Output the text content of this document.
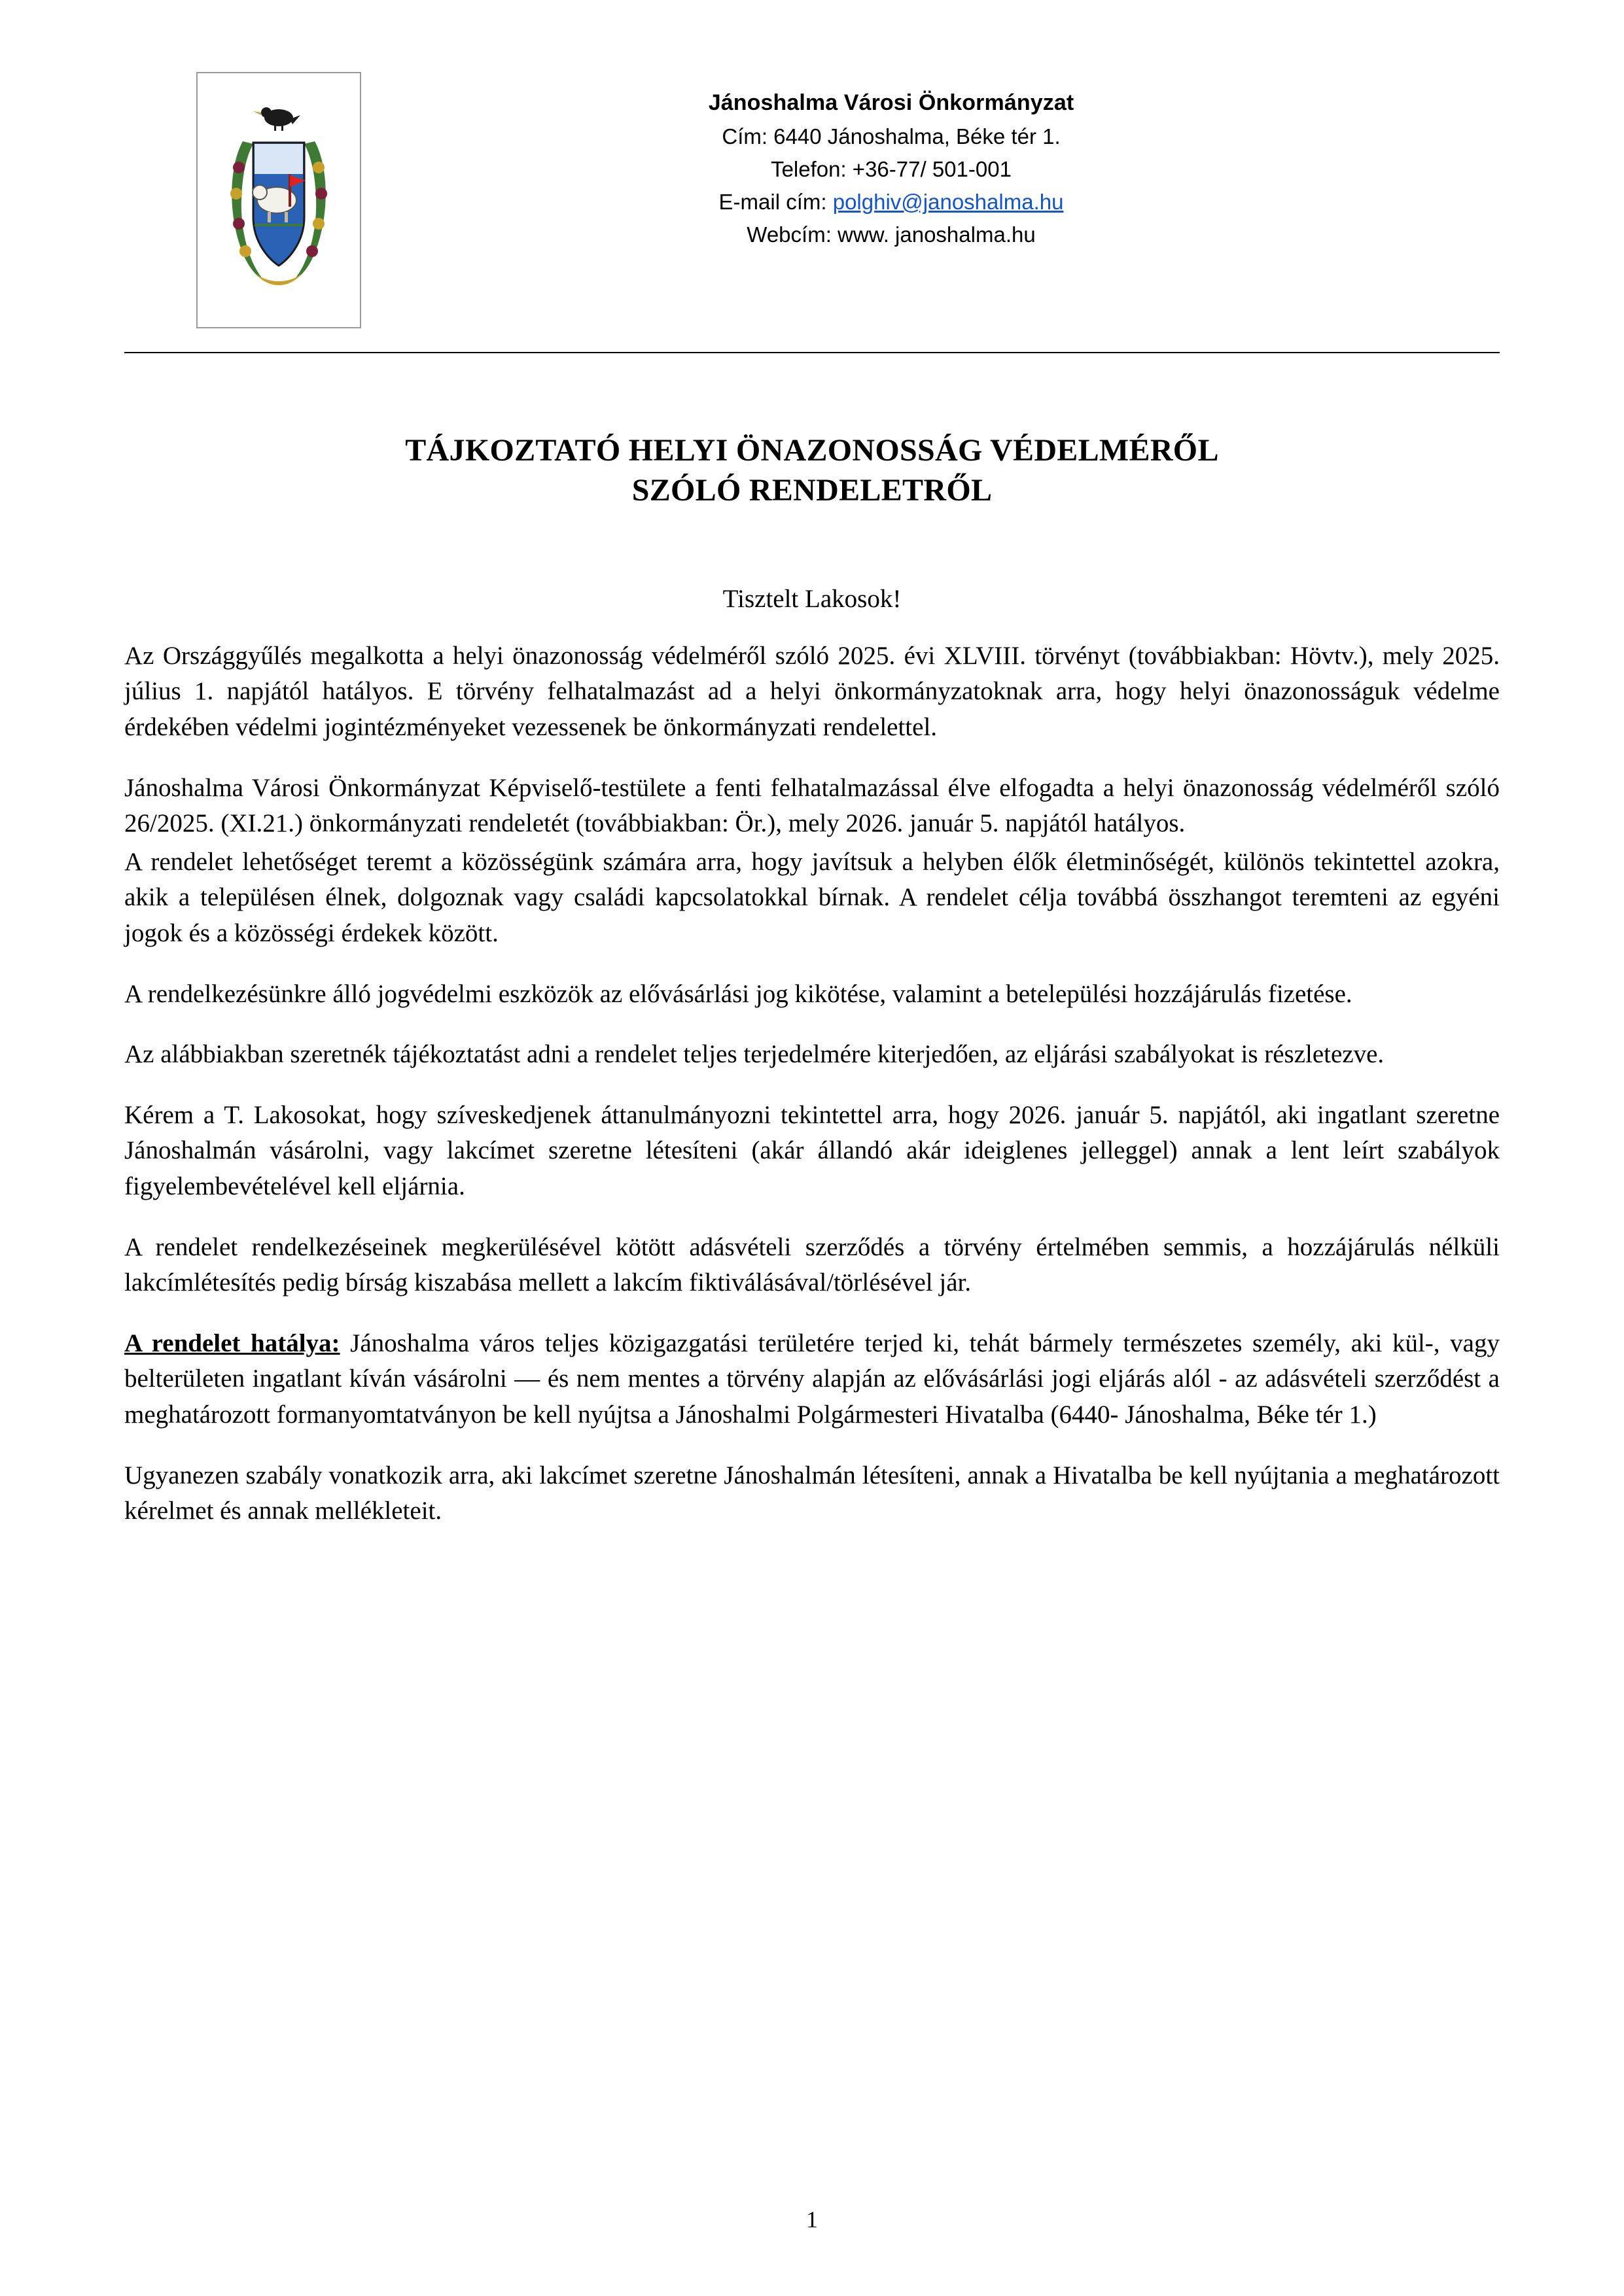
Jánoshalma Városi Önkormányzat
Cím: 6440 Jánoshalma, Béke tér 1.
Telefon: +36-77/ 501-001
E-mail cím: polghiv@janoshalma.hu
Webcím: www. janoshalma.hu
TÁJKOZTATÓ HELYI ÖNAZONOSSÁG VÉDELMÉRŐL
SZÓLÓ RENDELETRŐL
Tisztelt Lakosok!

Az Országgyűlés megalkotta a helyi önazonosság védelméről szóló 2025. évi XLVIII. törvényt (továbbiakban: Hövtv.), mely 2025. július 1. napjától hatályos. E törvény felhatalmazást ad a helyi önkormányzatoknak arra, hogy helyi önazonosságuk védelme érdekében védelmi jogintézményeket vezessenek be önkormányzati rendelettel.

Jánoshalma Városi Önkormányzat Képviselő-testülete a fenti felhatalmazással élve elfogadta a helyi önazonosság védelméről szóló 26/2025. (XI.21.) önkormányzati rendeletét (továbbiakban: Ör.), mely 2026. január 5. napjától hatályos.

A rendelet lehetőséget teremt a közösségünk számára arra, hogy javítsuk a helyben élők életminőségét, különös tekintettel azokra, akik a településen élnek, dolgoznak vagy családi kapcsolatokkal bírnak. A rendelet célja továbbá összhangot teremteni az egyéni jogok és a közösségi érdekek között.

A rendelkezésünkre álló jogvédelmi eszközök az elővásárlási jog kikötése, valamint a betelepülési hozzájárulás fizetése.

Az alábbiakban szeretnék tájékoztatást adni a rendelet teljes terjedelmére kiterjedően, az eljárási szabályokat is részletezve.

Kérem a T. Lakosokat, hogy szíveskedjenek áttanulmányozni tekintettel arra, hogy 2026. január 5. napjától, aki ingatlant szeretne Jánoshalmán vásárolni, vagy lakcímet szeretne létesíteni (akár állandó akár ideiglenes jelleggel) annak a lent leírt szabályok figyelembevételével kell eljárnia.

A rendelet rendelkezéseinek megkerülésével kötött adásvételi szerződés a törvény értelmében semmis, a hozzájárulás nélküli lakcímlétesítés pedig bírság kiszabása mellett a lakcím fiktiválásával/törlésével jár.

A rendelet hatálya: Jánoshalma város teljes közigazgatási területére terjed ki, tehát bármely természetes személy, aki kül-, vagy belterületen ingatlant kíván vásárolni — és nem mentes a törvény alapján az elővásárlási jogi eljárás alól - az adásvételi szerződést a meghatározott formanyomtatványon be kell nyújtsa a Jánoshalmi Polgármesteri Hivatalba (6440- Jánoshalma, Béke tér 1.)

Ugyanezen szabály vonatkozik arra, aki lakcímet szeretne Jánoshalmán létesíteni, annak a Hivatalba be kell nyújtania a meghatározott kérelmet és annak mellékleteit.

1
